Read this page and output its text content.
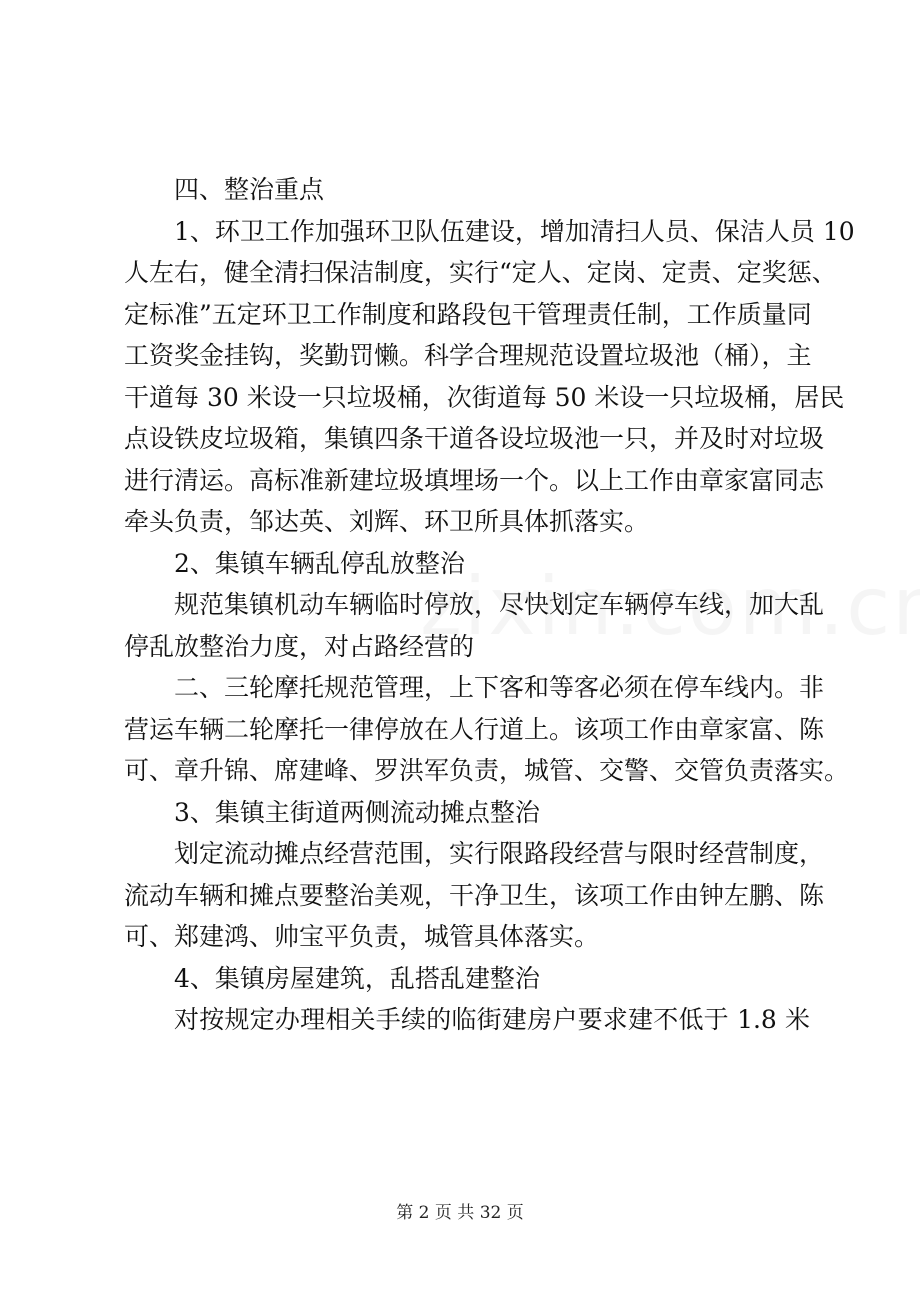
四、整治重点
1、环卫工作加强环卫队伍建设，增加清扫人员、保洁人员 10
人左右，健全清扫保洁制度，实行“定人、定岗、定责、定奖惩、
定标准”五定环卫工作制度和路段包干管理责任制，工作质量同
工资奖金挂钩，奖勤罚懒。科学合理规范设置垃圾池（桶），主
干道每 30 米设一只垃圾桶，次街道每 50 米设一只垃圾桶，居民
点设铁皮垃圾箱，集镇四条干道各设垃圾池一只，并及时对垃圾
进行清运。高标准新建垃圾填埋场一个。以上工作由章家富同志
牵头负责，邹达英、刘辉、环卫所具体抓落实。
2、集镇车辆乱停乱放整治
规范集镇机动车辆临时停放，尽快划定车辆停车线，加大乱
停乱放整治力度，对占路经营的
二、三轮摩托规范管理，上下客和等客必须在停车线内。非
营运车辆二轮摩托一律停放在人行道上。该项工作由章家富、陈
可、章升锦、席建峰、罗洪军负责，城管、交警、交管负责落实。
3、集镇主街道两侧流动摊点整治
划定流动摊点经营范围，实行限路段经营与限时经营制度，
流动车辆和摊点要整治美观，干净卫生，该项工作由钟左鹏、陈
可、郑建鸿、帅宝平负责，城管具体落实。
4、集镇房屋建筑，乱搭乱建整治
对按规定办理相关手续的临街建房户要求建不低于 1.8 米
第 2 页 共 32 页
